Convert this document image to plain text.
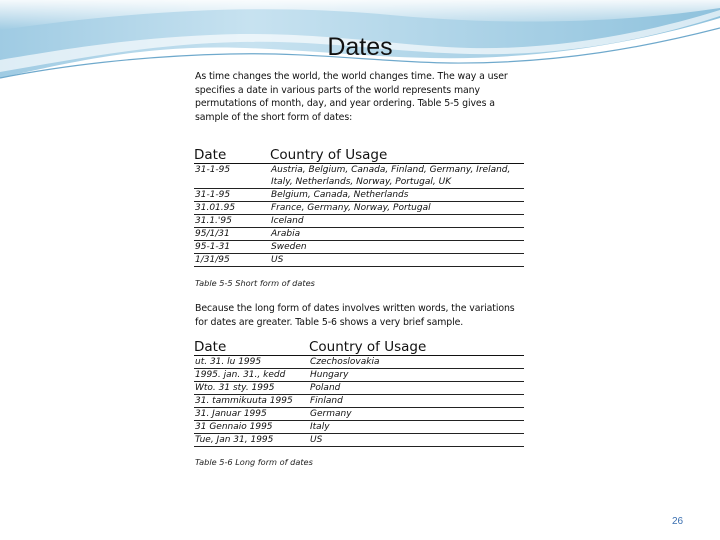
Dates
As time changes the world, the world changes time. The way a user specifies a date in various parts of the world represents many permutations of month, day, and year ordering. Table 5-5 gives a sample of the short form of dates:
Date	Country of Usage
31-1-95	Austria, Belgium, Canada, Finland, Germany, Ireland, Italy, Netherlands, Norway, Portugal, UK
31-1-95	Belgium, Canada, Netherlands
31.01.95	France, Germany, Norway, Portugal
31.1.'95	Iceland
95/1/31	Arabia
95-1-31	Sweden
1/31/95	US
Table 5-5 Short form of dates
Because the long form of dates involves written words, the variations for dates are greater. Table 5-6 shows a very brief sample.
Date	Country of Usage
ut. 31. lu 1995	Czechoslovakia
1995. jan. 31., kedd	Hungary
Wto. 31 sty. 1995	Poland
31. tammikuuta 1995	Finland
31. Januar 1995	Germany
31 Gennaio 1995	Italy
Tue, Jan 31, 1995	US
Table 5-6 Long form of dates
26
